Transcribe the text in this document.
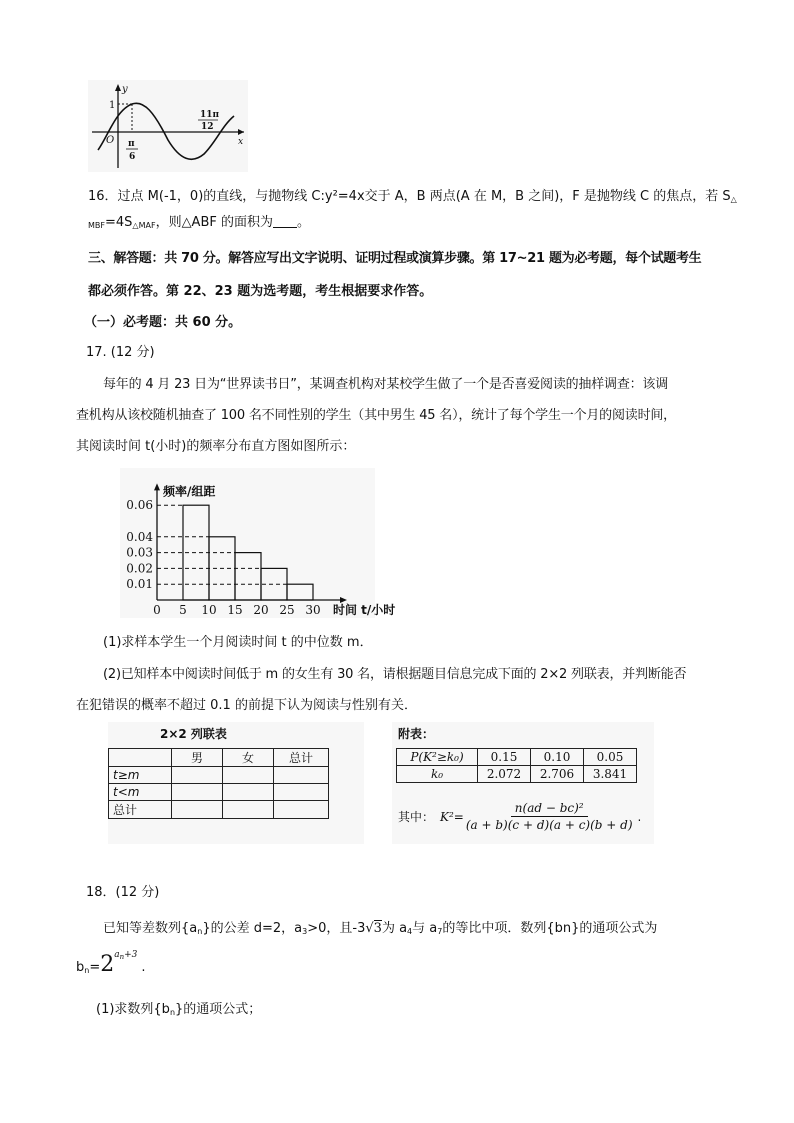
y
x
O
1
π
6
11π
12
16．过点 M(-1，0)的直线，与抛物线 C:y²=4x交于 A，B 两点(A 在 M，B 之间)，F 是抛物线 C 的焦点，若 $S_\triangle$
$_{MBF}=4S_{\triangle MAF}$，则△ABF 的面积为 。
三、解答题：共 70 分。解答应写出文字说明、证明过程或演算步骤。第 17~21 题为必考题，每个试题考生
都必须作答。第 22、23 题为选考题，考生根据要求作答。
（一）必考题：共 60 分。
17. (12 分)
每年的 4 月 23 日为“世界读书日”，某调查机构对某校学生做了一个是否喜爱阅读的抽样调查：该调
查机构从该校随机抽查了 100 名不同性别的学生（其中男生 45 名），统计了每个学生一个月的阅读时间，
其阅读时间 t(小时)的频率分布直方图如图所示：
0.01
0.02
0.03
0.04
0.06
0 5 10 15 20 25 30
频率/组距
时间 t/小时
(1)求样本学生一个月阅读时间 t 的中位数 m．
(2)已知样本中阅读时间低于 m 的女生有 30 名，请根据题目信息完成下面的 2×2 列联表，并判断能否
在犯错误的概率不超过 0.1 的前提下认为阅读与性别有关．
2×2 列联表
	男	女	总计
t≥m			
t<m			
总计			
附表：
P(K²≥k₀)	0.15	0.10	0.05
k₀	2.072	2.706	3.841
其中： $K^2= \frac{\text{n(ad − bc)²}}{(a + b)(c + d)(a + c)(b + d)}$ .
18．(12 分)
已知等差数列$\{a_n\}$的公差 d=2，$a_3>0$，且-3√3为 $a_4$与 $a_7$的等比中项．数列{bn}的通项公式为
$b_n=2^{a_n+3}$.
(1)求数列$\{b_n\}$的通项公式；
